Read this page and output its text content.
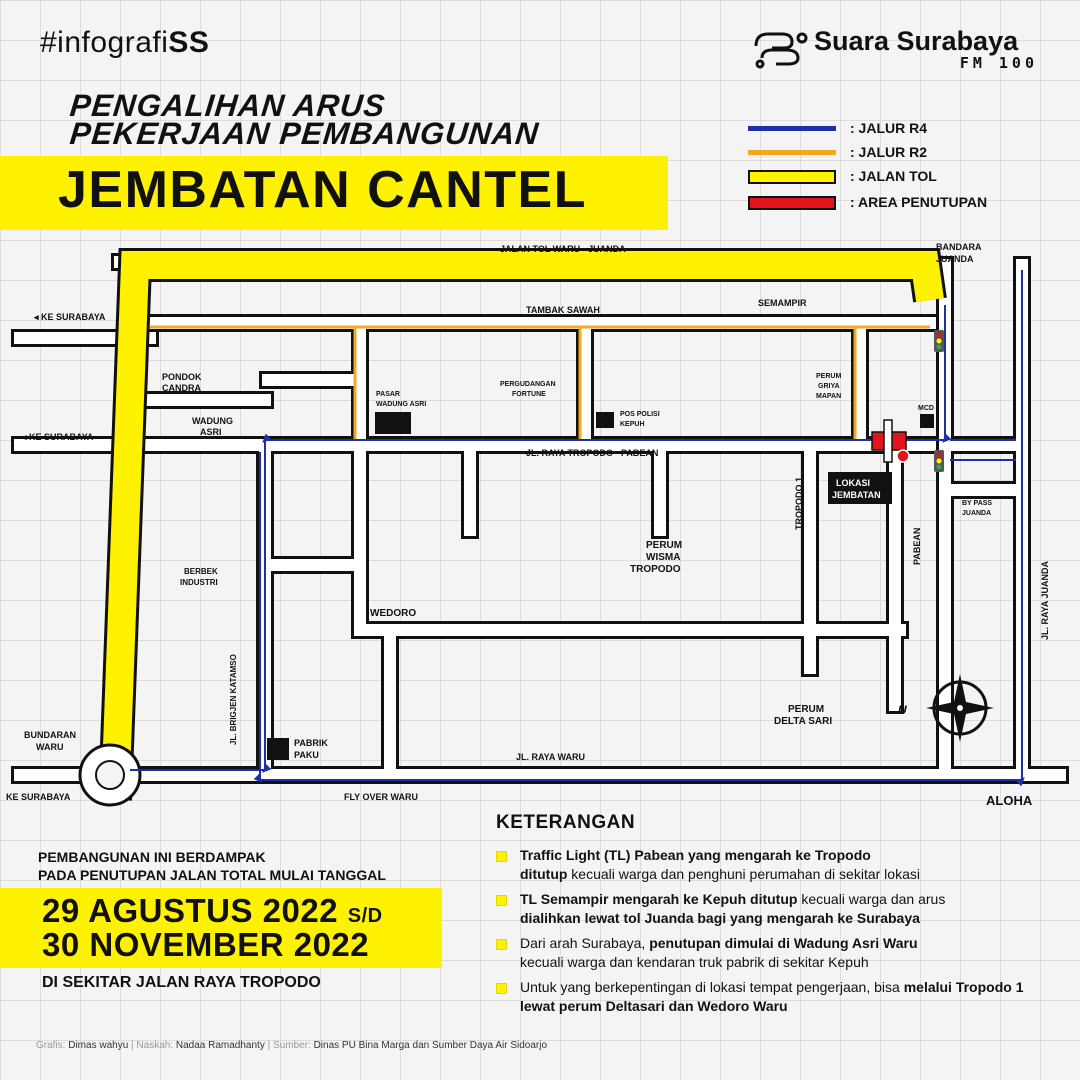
#infografiSS	Suara Surabaya
FM 100
PENGALIHAN ARUS
PEKERJAAN PEMBANGUNAN
JEMBATAN CANTEL
: JALUR R4
: JALUR R2
: JALAN TOL
: AREA PENUTUPAN
JALAN TOL WARU - JUANDA	BANDARA
JUANDA
◂ KE SURABAYA
◂ KE SURABAYA
KE SURABAYA
TAMBAK SAWAH
SEMAMPIR
PONDOK
CANDRA
WADUNG
ASRI
PASAR
WADUNG ASRI
PERGUDANGAN
FORTUNE
POS POLISI
KEPUH
PERUM
GRIYA
MAPAN
MCD
JL. RAYA TROPODO - PABEAN
LOKASI
JEMBATAN
BY PASS
JUANDA
TROPODO 1
PABEAN
JL. RAYA JUANDA
PERUM
WISMA
TROPODO
BERBEK
INDUSTRI
WEDORO
JL. BRIGJEN KATAMSO	PERUM
DELTA SARI
U
BUNDARAN
WARU	PABRIK
PAKU	JL. RAYA WARU
FLY OVER WARU	ALOHA
PEMBANGUNAN INI BERDAMPAK
PADA PENUTUPAN JALAN TOTAL MULAI TANGGAL
29 AGUSTUS 2022 S/D
30 NOVEMBER 2022
DI SEKITAR JALAN RAYA TROPODO
KETERANGAN
Traffic Light (TL) Pabean yang mengarah ke Tropodo
ditutup kecuali warga dan penghuni perumahan di sekitar lokasi
TL Semampir mengarah ke Kepuh ditutup kecuali warga dan arus
dialihkan lewat tol Juanda bagi yang mengarah ke Surabaya
Dari arah Surabaya, penutupan dimulai di Wadung Asri Waru
kecuali warga dan kendaran truk pabrik di sekitar Kepuh
Untuk yang berkepentingan di lokasi tempat pengerjaan, bisa melalui Tropodo 1 lewat perum Deltasari dan Wedoro Waru
Grafis: Dimas wahyu | Naskah: Nadaa Ramadhanty | Sumber: Dinas PU Bina Marga dan Sumber Daya Air Sidoarjo
